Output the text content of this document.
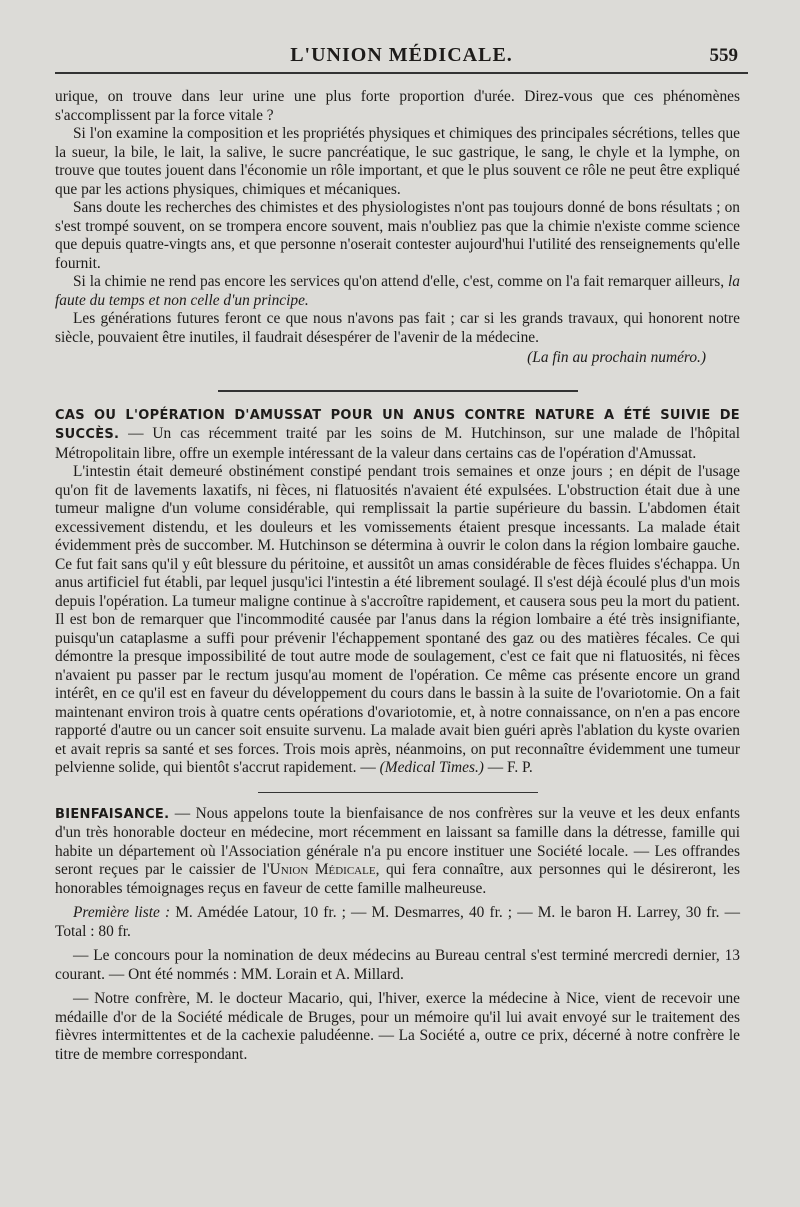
L'UNION MÉDICALE.	559

urique, on trouve dans leur urine une plus forte proportion d'urée. Direz-vous que ces phénomènes s'accomplissent par la force vitale ?

Si l'on examine la composition et les propriétés physiques et chimiques des principales sécrétions, telles que la sueur, la bile, le lait, la salive, le sucre pancréatique, le suc gastrique, le sang, le chyle et la lymphe, on trouve que toutes jouent dans l'économie un rôle important, et que le plus souvent ce rôle ne peut être expliqué que par les actions physiques, chimiques et mécaniques.

Sans doute les recherches des chimistes et des physiologistes n'ont pas toujours donné de bons résultats ; on s'est trompé souvent, on se trompera encore souvent, mais n'oubliez pas que la chimie n'existe comme science que depuis quatre-vingts ans, et que personne n'oserait contester aujourd'hui l'utilité des renseignements qu'elle fournit.

Si la chimie ne rend pas encore les services qu'on attend d'elle, c'est, comme on l'a fait remarquer ailleurs, la faute du temps et non celle d'un principe.

Les générations futures feront ce que nous n'avons pas fait ; car si les grands travaux, qui honorent notre siècle, pouvaient être inutiles, il faudrait désespérer de l'avenir de la médecine.

(La fin au prochain numéro.)

CAS OU L'OPÉRATION D'AMUSSAT POUR UN ANUS CONTRE NATURE A ÉTÉ SUIVIE DE SUCCÈS. — Un cas récemment traité par les soins de M. Hutchinson, sur une malade de l'hôpital Métropolitain libre, offre un exemple intéressant de la valeur dans certains cas de l'opération d'Amussat.

L'intestin était demeuré obstinément constipé pendant trois semaines et onze jours ; en dépit de l'usage qu'on fit de lavements laxatifs, ni fèces, ni flatuosités n'avaient été expulsées. L'obstruction était due à une tumeur maligne d'un volume considérable, qui remplissait la partie supérieure du bassin. L'abdomen était excessivement distendu, et les douleurs et les vomissements étaient presque incessants. La malade était évidemment près de succomber. M. Hutchinson se détermina à ouvrir le colon dans la région lombaire gauche. Ce fut fait sans qu'il y eût blessure du péritoine, et aussitôt un amas considérable de fèces fluides s'échappa. Un anus artificiel fut établi, par lequel jusqu'ici l'intestin a été librement soulagé. Il s'est déjà écoulé plus d'un mois depuis l'opération. La tumeur maligne continue à s'accroître rapidement, et causera sous peu la mort du patient. Il est bon de remarquer que l'incommodité causée par l'anus dans la région lombaire a été très insignifiante, puisqu'un cataplasme a suffi pour prévenir l'échappement spontané des gaz ou des matières fécales. Ce qui démontre la presque impossibilité de tout autre mode de soulagement, c'est ce fait que ni flatuosités, ni fèces n'avaient pu passer par le rectum jusqu'au moment de l'opération. Ce même cas présente encore un grand intérêt, en ce qu'il est en faveur du développement du cours dans le bassin à la suite de l'ovariotomie. On a fait maintenant environ trois à quatre cents opérations d'ovariotomie, et, à notre connaissance, on n'en a pas encore rapporté d'autre ou un cancer soit ensuite survenu. La malade avait bien guéri après l'ablation du kyste ovarien et avait repris sa santé et ses forces. Trois mois après, néanmoins, on put reconnaître évidemment une tumeur pelvienne solide, qui bientôt s'accrut rapidement. — (Medical Times.) — F. P.

BIENFAISANCE. — Nous appelons toute la bienfaisance de nos confrères sur la veuve et les deux enfants d'un très honorable docteur en médecine, mort récemment en laissant sa famille dans la détresse, famille qui habite un département où l'Association générale n'a pu encore instituer une Société locale. — Les offrandes seront reçues par le caissier de l'Union Médicale, qui fera connaître, aux personnes qui le désireront, les honorables témoignages reçus en faveur de cette famille malheureuse.

Première liste : M. Amédée Latour, 10 fr. ; — M. Desmarres, 40 fr. ; — M. le baron H. Larrey, 30 fr. — Total : 80 fr.

— Le concours pour la nomination de deux médecins au Bureau central s'est terminé mercredi dernier, 13 courant. — Ont été nommés : MM. Lorain et A. Millard.

— Notre confrère, M. le docteur Macario, qui, l'hiver, exerce la médecine à Nice, vient de recevoir une médaille d'or de la Société médicale de Bruges, pour un mémoire qu'il lui avait envoyé sur le traitement des fièvres intermittentes et de la cachexie paludéenne. — La Société a, outre ce prix, décerné à notre confrère le titre de membre correspondant.
